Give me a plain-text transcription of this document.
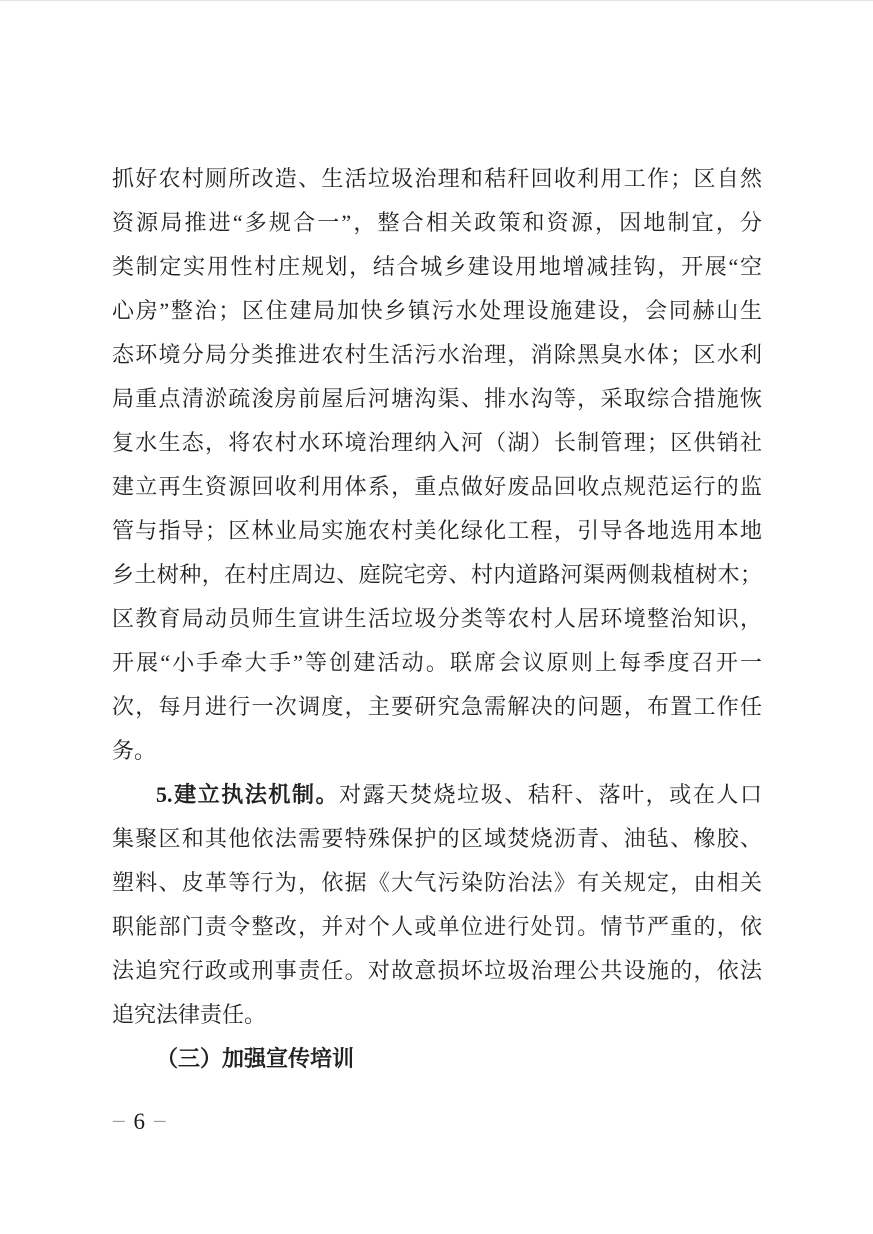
抓好农村厕所改造、生活垃圾治理和秸秆回收利用工作；区自然
资源局推进“多规合一”，整合相关政策和资源，因地制宜，分
类制定实用性村庄规划，结合城乡建设用地增减挂钩，开展“空
心房”整治；区住建局加快乡镇污水处理设施建设，会同赫山生
态环境分局分类推进农村生活污水治理，消除黑臭水体；区水利
局重点清淤疏浚房前屋后河塘沟渠、排水沟等，采取综合措施恢
复水生态，将农村水环境治理纳入河（湖）长制管理；区供销社
建立再生资源回收利用体系，重点做好废品回收点规范运行的监
管与指导；区林业局实施农村美化绿化工程，引导各地选用本地
乡土树种，在村庄周边、庭院宅旁、村内道路河渠两侧栽植树木；
区教育局动员师生宣讲生活垃圾分类等农村人居环境整治知识，
开展“小手牵大手”等创建活动。联席会议原则上每季度召开一
次，每月进行一次调度，主要研究急需解决的问题，布置工作任
务。
5.建立执法机制。对露天焚烧垃圾、秸秆、落叶，或在人口
集聚区和其他依法需要特殊保护的区域焚烧沥青、油毡、橡胶、
塑料、皮革等行为，依据《大气污染防治法》有关规定，由相关
职能部门责令整改，并对个人或单位进行处罚。情节严重的，依
法追究行政或刑事责任。对故意损坏垃圾治理公共设施的，依法
追究法律责任。
（三）加强宣传培训
– 6 –
